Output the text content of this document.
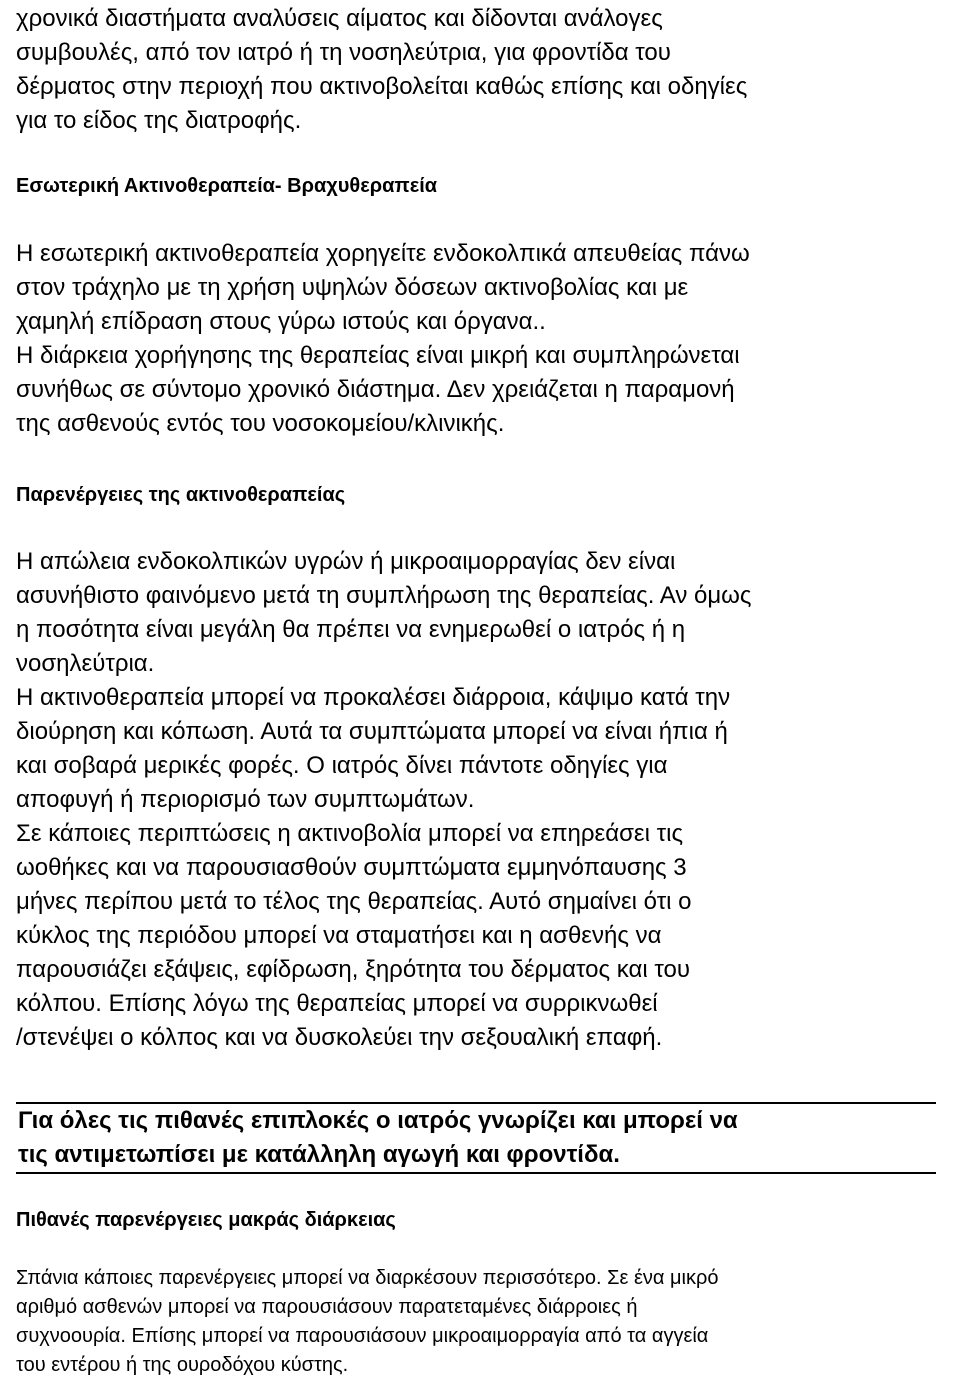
χρονικά διαστήματα αναλύσεις αίματος και δίδονται ανάλογες
συμβουλές, από τον ιατρό ή τη νοσηλεύτρια, για φροντίδα του
δέρματος στην περιοχή που ακτινοβολείται καθώς επίσης και οδηγίες
για το είδος της διατροφής.
Εσωτερική Ακτινοθεραπεία- Βραχυθεραπεία
Η εσωτερική ακτινοθεραπεία χορηγείτε ενδοκολπικά απευθείας πάνω
στον τράχηλο με τη χρήση υψηλών δόσεων ακτινοβολίας και με
χαμηλή επίδραση στους γύρω ιστούς και όργανα..
Η διάρκεια χορήγησης της θεραπείας είναι μικρή και συμπληρώνεται
συνήθως σε σύντομο χρονικό διάστημα. Δεν χρειάζεται η παραμονή
της ασθενούς εντός του νοσοκομείου/κλινικής.
Παρενέργειες της ακτινοθεραπείας
Η απώλεια ενδοκολπικών υγρών ή μικροαιμορραγίας δεν είναι
ασυνήθιστο φαινόμενο μετά τη συμπλήρωση της θεραπείας. Αν όμως
η ποσότητα είναι μεγάλη θα πρέπει να ενημερωθεί ο ιατρός ή η
νοσηλεύτρια.
Η ακτινοθεραπεία μπορεί να προκαλέσει διάρροια, κάψιμο κατά την
διούρηση και κόπωση. Αυτά τα συμπτώματα μπορεί να είναι ήπια ή
και σοβαρά μερικές φορές. Ο ιατρός δίνει πάντοτε οδηγίες για
αποφυγή ή περιορισμό των συμπτωμάτων.
Σε κάποιες περιπτώσεις η ακτινοβολία μπορεί να επηρεάσει τις
ωοθήκες και να παρουσιασθούν συμπτώματα εμμηνόπαυσης 3
μήνες περίπου μετά το τέλος της θεραπείας. Αυτό σημαίνει ότι ο
κύκλος της περιόδου μπορεί να σταματήσει και η ασθενής να
παρουσιάζει εξάψεις, εφίδρωση, ξηρότητα του δέρματος και του
κόλπου. Επίσης λόγω της θεραπείας μπορεί να συρρικνωθεί
/στενέψει ο κόλπος και να δυσκολεύει την σεξουαλική επαφή.
Για όλες τις πιθανές επιπλοκές ο ιατρός γνωρίζει και μπορεί να
τις αντιμετωπίσει με κατάλληλη αγωγή και φροντίδα.
Πιθανές παρενέργειες μακράς διάρκειας
Σπάνια κάποιες παρενέργειες μπορεί να διαρκέσουν περισσότερο. Σε ένα μικρό
αριθμό ασθενών μπορεί να παρουσιάσουν παρατεταμένες διάρροιες ή
συχνοουρία. Επίσης μπορεί να παρουσιάσουν μικροαιμορραγία από τα αγγεία
του εντέρου ή της ουροδόχου κύστης.
